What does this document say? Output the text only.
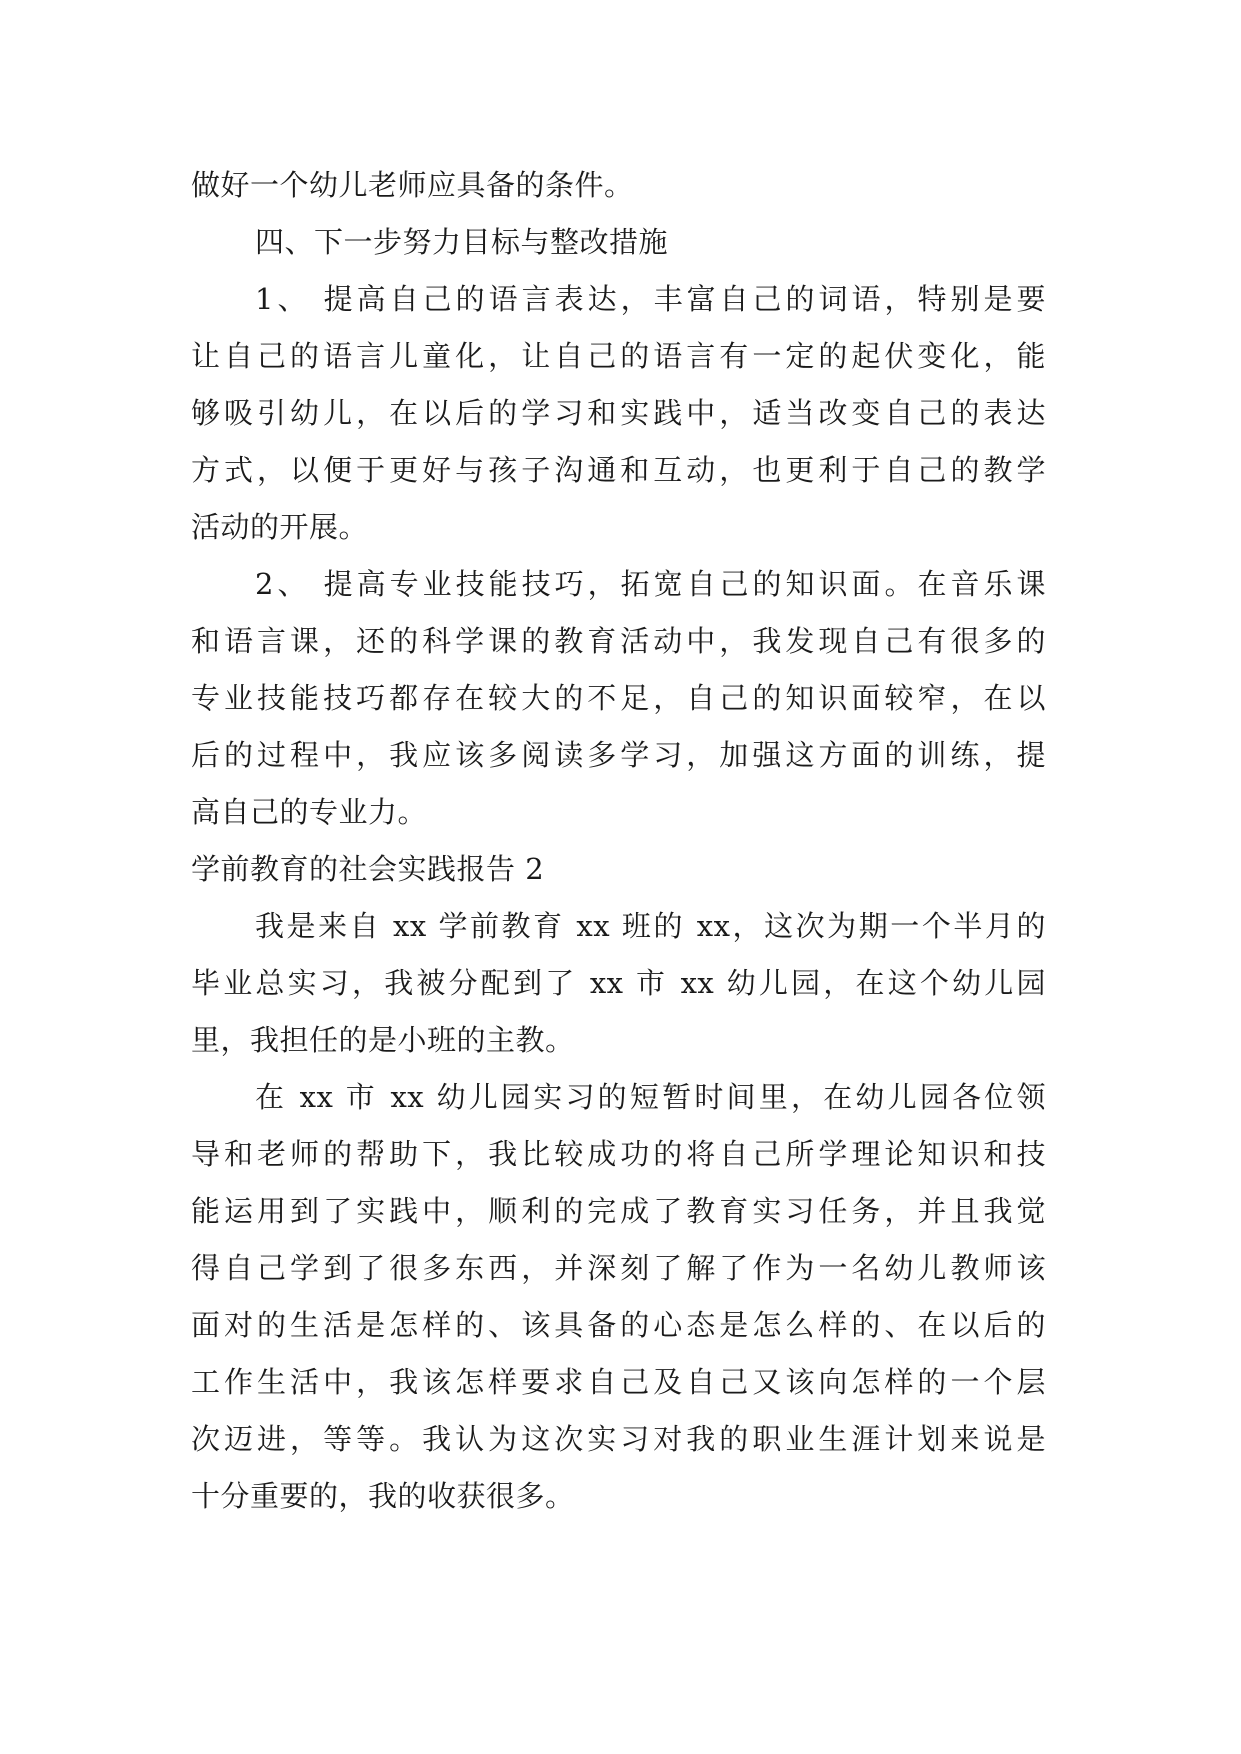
做好一个幼儿老师应具备的条件。
四、下一步努力目标与整改措施
1、 提高自己的语言表达，丰富自己的词语，特别是要
让自己的语言儿童化，让自己的语言有一定的起伏变化，能
够吸引幼儿，在以后的学习和实践中，适当改变自己的表达
方式，以便于更好与孩子沟通和互动，也更利于自己的教学
活动的开展。
2、 提高专业技能技巧，拓宽自己的知识面。在音乐课
和语言课，还的科学课的教育活动中，我发现自己有很多的
专业技能技巧都存在较大的不足，自己的知识面较窄，在以
后的过程中，我应该多阅读多学习，加强这方面的训练，提
高自己的专业力。
学前教育的社会实践报告 2
我是来自 xx 学前教育 xx 班的 xx，这次为期一个半月的
毕业总实习，我被分配到了 xx 市 xx 幼儿园，在这个幼儿园
里，我担任的是小班的主教。
在 xx 市 xx 幼儿园实习的短暂时间里，在幼儿园各位领
导和老师的帮助下，我比较成功的将自己所学理论知识和技
能运用到了实践中，顺利的完成了教育实习任务，并且我觉
得自己学到了很多东西，并深刻了解了作为一名幼儿教师该
面对的生活是怎样的、该具备的心态是怎么样的、在以后的
工作生活中，我该怎样要求自己及自己又该向怎样的一个层
次迈进，等等。我认为这次实习对我的职业生涯计划来说是
十分重要的，我的收获很多。
